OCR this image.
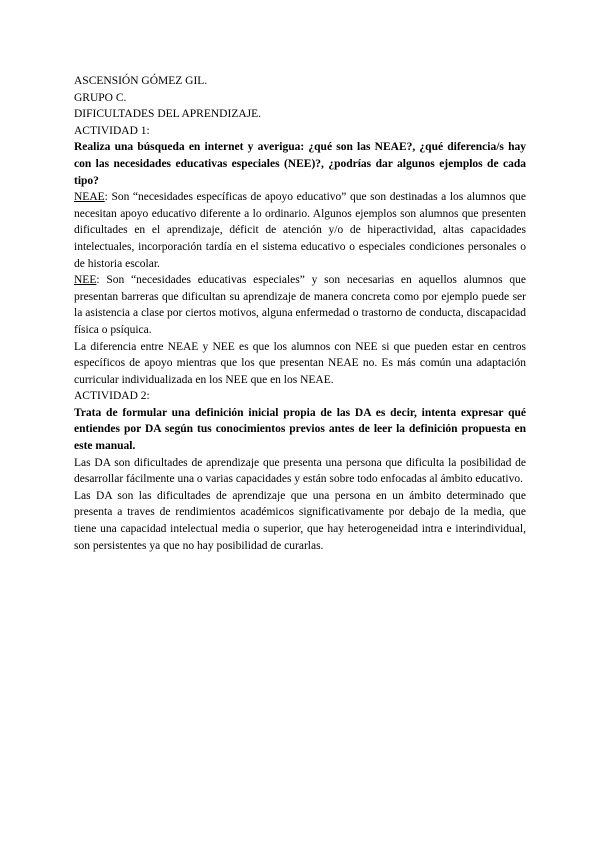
ASCENSIÓN GÓMEZ GIL.

GRUPO C.

DIFICULTADES DEL APRENDIZAJE.

ACTIVIDAD 1:

Realiza una búsqueda en internet y averigua: ¿qué son las NEAE?, ¿qué diferencia/s hay con las necesidades educativas especiales (NEE)?, ¿podrías dar algunos ejemplos de cada tipo?

NEAE: Son “necesidades específicas de apoyo educativo” que son destinadas a los alumnos que necesitan apoyo educativo diferente a lo ordinario. Algunos ejemplos son alumnos que presenten dificultades en el aprendizaje, déficit de atención y/o de hiperactividad, altas capacidades intelectuales, incorporación tardía en el sistema educativo o especiales condiciones personales o de historia escolar.

NEE: Son “necesidades educativas especiales” y son necesarias en aquellos alumnos que presentan barreras que dificultan su aprendizaje de manera concreta como por ejemplo puede ser la asistencia a clase por ciertos motivos, alguna enfermedad o trastorno de conducta, discapacidad física o psíquica.

La diferencia entre NEAE y NEE es que los alumnos con NEE si que pueden estar en centros específicos de apoyo mientras que los que presentan NEAE no. Es más común una adaptación curricular individualizada en los NEE que en los NEAE.

ACTIVIDAD 2:

Trata de formular una definición inicial propia de las DA es decir, intenta expresar qué entiendes por DA según tus conocimientos previos antes de leer la definición propuesta en este manual.

Las DA son dificultades de aprendizaje que presenta una persona que dificulta la posibilidad de desarrollar fácilmente una o varias capacidades y están sobre todo enfocadas al ámbito educativo.

Las DA son las dificultades de aprendizaje que una persona en un ámbito determinado que presenta a traves de rendimientos académicos significativamente por debajo de la media, que tiene una capacidad intelectual media o superior, que hay heterogeneidad intra e interindividual, son persistentes ya que no hay posibilidad de curarlas.
